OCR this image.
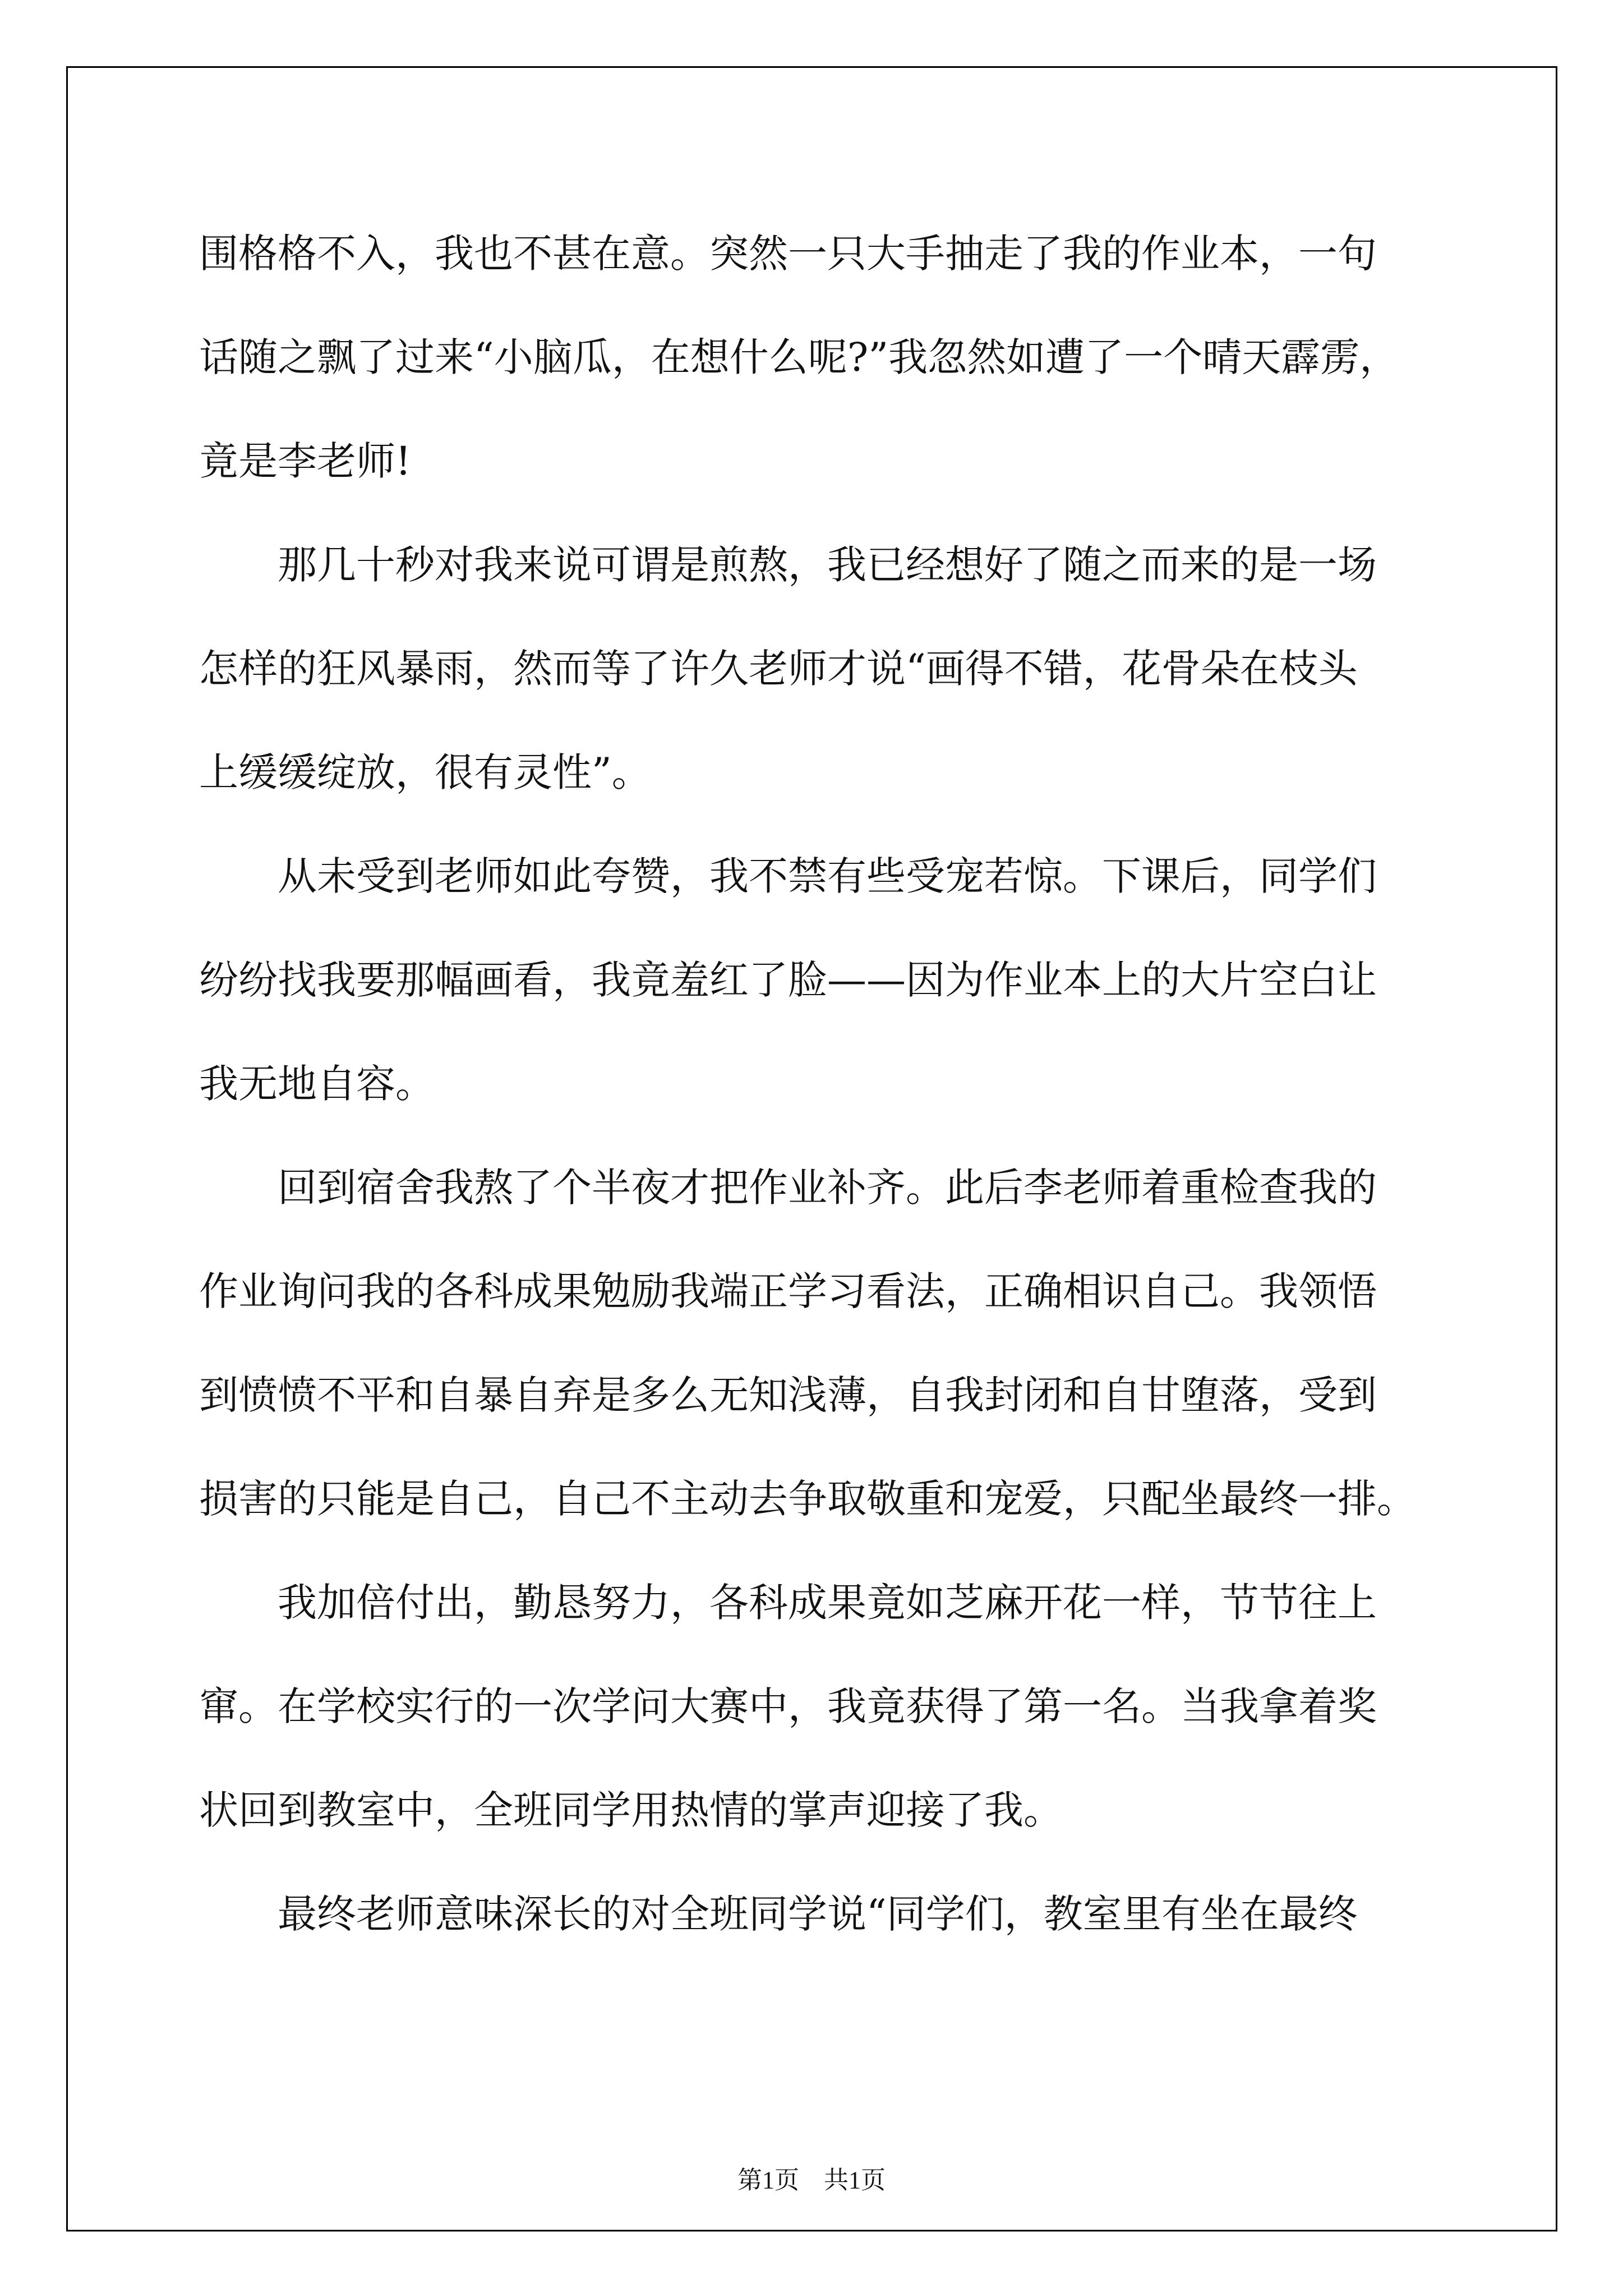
围格格不入，我也不甚在意。突然一只大手抽走了我的作业本，一句
话随之飘了过来“小脑瓜，在想什么呢?”我忽然如遭了一个晴天霹雳，
竟是李老师!
那几十秒对我来说可谓是煎熬，我已经想好了随之而来的是一场
怎样的狂风暴雨，然而等了许久老师才说“画得不错，花骨朵在枝头
上缓缓绽放，很有灵性”。
从未受到老师如此夸赞，我不禁有些受宠若惊。下课后，同学们
纷纷找我要那幅画看，我竟羞红了脸——因为作业本上的大片空白让
我无地自容。
回到宿舍我熬了个半夜才把作业补齐。此后李老师着重检查我的
作业询问我的各科成果勉励我端正学习看法，正确相识自己。我领悟
到愤愤不平和自暴自弃是多么无知浅薄，自我封闭和自甘堕落，受到
损害的只能是自己，自己不主动去争取敬重和宠爱，只配坐最终一排。
我加倍付出，勤恳努力，各科成果竟如芝麻开花一样，节节往上
窜。在学校实行的一次学问大赛中，我竟获得了第一名。当我拿着奖
状回到教室中，全班同学用热情的掌声迎接了我。
最终老师意味深长的对全班同学说“同学们，教室里有坐在最终
第1页 共1页
